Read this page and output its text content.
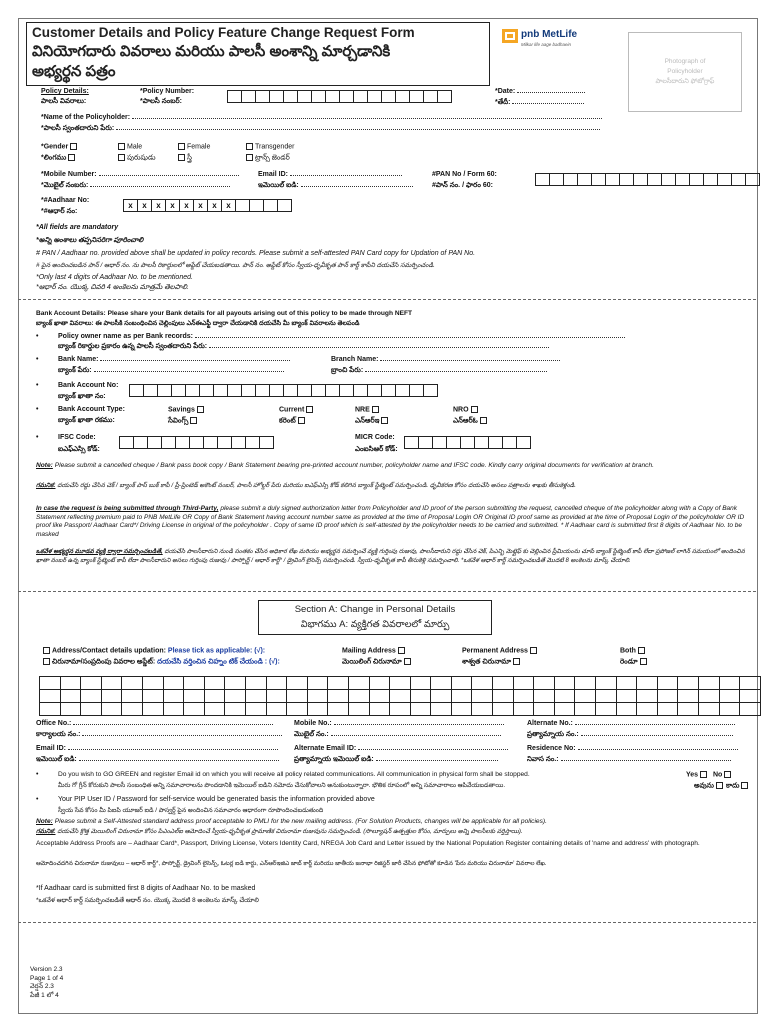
Customer Details and Policy Feature Change Request Form
వినియోగదారు వివరాలు మరియు పాలసీ అంశాన్ని మార్చడానికి
అభ్యర్థన పత్రం
pnb MetLife
Milkar life aage badhaein
Photograph of
Policyholder
పాలసీదారుని ఫోటోగ్రాఫ్
Policy Details:
పాలసీ వివరాలు:
*Policy Number:
*పాలసీ నంబర్:
*Date:
*తేదీ:
*Name of the Policyholder:
*పాలసీ స్వంతదారుని పేరు:
*Gender
*లింగము
Male
పురుషుడు
Female
స్త్రీ
Transgender
ట్రాన్స్ జెండర్
*Mobile Number:
*మొబైల్ నంబరు:
Email ID:
ఇమెయిల్ ఐడి:
#PAN No / Form 60:
#పాన్ నం. / ఫారం 60:
*#Aadhaar No:
*#ఆధార్ నం:
x	x	x	x	x	x	x	x
*All fields are mandatory
*అన్ని అంశాలు తప్పనిసరిగా పూరించాలి
# PAN / Aadhaar no. provided above shall be updated in policy records. Please submit a self-attested PAN Card copy for Updation of PAN No.
# పైన అందించబడిన పాన్ / ఆధార్ నం. ను పాలసీ రికార్డులలో అప్డేట్ చేయబడతాయి. పాన్ నం. అప్డేట్ కోసం స్వీయ-ధృవీకృత పాన్ కార్డ్ కాపీని దయచేసి సమర్పించండి.
*Only last 4 digits of Aadhaar No. to be mentioned.
*ఆధార్ నం. యొక్క చివరి 4 అంకెలను మాత్రమే తెలపాలి.
Bank Account Details: Please share your Bank details for all payouts arising out of this policy to be made through NEFT
బ్యాంక్ ఖాతా వివరాలు: ఈ పాలసీకి సంబంధించిన చెల్లింపులు ఎన్ఈఎఫ్టీ ద్వారా చేయడానికి దయచేసి మీ బ్యాంక్ వివరాలను తెలపండి
•	Policy owner name as per Bank records:
బ్యాంక్ రికార్డుల ప్రకారం ఉన్న పాలసీ స్వంతదారుని పేరు:
•	Bank Name:
బ్యాంక్ పేరు:
Branch Name:
బ్రాంచి పేరు:
•	Bank Account No:
బ్యాంక్ ఖాతా నం:
•	Bank Account Type:
బ్యాంక్ ఖాతా రకము:
Savings
సేవింగ్స్
Current
కరెంట్
NRE
ఎన్ఆర్ఇ
NRO
ఎన్ఆర్ఓ
•	IFSC Code:
ఐఎఫ్ఎస్సి కోడ్:
MICR Code:
ఎంఐసిఆర్ కోడ్:
Note: Please submit a cancelled cheque / Bank pass book copy / Bank Statement bearing pre-printed account number, policyholder name and IFSC code. Kindly carry original documents for verification at branch.
గమనిక: దయచేసి రద్దు చేసిన చెక్ / బ్యాంక్ పాస్ బుక్ కాపీ / ప్రీ-ప్రింటెడ్ అకౌంట్ నంబర్, పాలసీ హోల్డర్ పేరు మరియు ఐఎఫ్ఎస్సి కోడ్ కలిగిన బ్యాంక్ స్టేట్మెంట్ సమర్పించండి. ధృవీకరణ కోసం దయచేసి అసలు పత్రాలను శాఖకు తీసుకెళ్లండి.
In case the request is being submitted through Third-Party, please submit a duly signed authorization letter from Policyholder and ID proof of the person submitting the request, cancelled cheque of the policyholder along with a Copy of Bank Statement reflecting premium paid to PNB MetLife OR Copy of Bank Statement having account number same as provided at the time of Proposal Login OR Original ID proof same as provided at the time of Proposal Login of the policyholder OR ID proof like Passport/ Aadhaar Card*/ Driving License in original of the policyholder . Copy of same ID proof which is self-attested by the policyholder needs to be carried and submitted. * If Aadhaar card is submitted first 8 digits of Aadhaar No. to be masked
ఒకవేళ అభ్యర్థన మూడవ వ్యక్తి ద్వారా సమర్పించబడితే, దయచేసి పాలసీదారుని నుండి సంతకం చేసిన అధికార లేఖ మరియు అభ్యర్థన సమర్పించే వ్యక్తి గుర్తింపు రుజువు, పాలసీదారుని రద్దు చేసిన చెక్, పిఎన్బి మెట్లైఫ్ కు చెల్లించిన ప్రీమియంను చూపే బ్యాంక్ స్టేట్మెంట్ కాపీ లేదా ప్రపోజల్ లాగిన్ సమయంలో అందించిన ఖాతా నంబర్ ఉన్న బ్యాంక్ స్టేట్మెంట్ కాపీ లేదా పాలసీదారుని అసలు గుర్తింపు రుజువు / పాస్పోర్ట్ / ఆధార్ కార్డ్* / డ్రైవింగ్ లైసెన్స్ సమర్పించండి. స్వీయ-ధృవీకృత కాపీ తీసుకెళ్లి సమర్పించాలి. *ఒకవేళ ఆధార్ కార్డ్ సమర్పించబడితే మొదటి 8 అంకెలను మాస్క్ చేయాలి.
Section A: Change in Personal Details
విభాగము A: వ్యక్తిగత వివరాలలో మార్పు
Address/Contact details updation: Please tick as applicable: (√):
చిరునామా/సంప్రదింపు వివరాల అప్డేట్: దయచేసి వర్తించిన చిహ్నం టిక్ చేయండి : (√):
Mailing Address
మెయిలింగ్ చిరునామా
Permanent Address
శాశ్వత చిరునామా
Both
రెండూ
Office No.:
కార్యాలయ నం.:
Mobile No.:
మొబైల్ నం.:
Alternate No.:
ప్రత్యామ్నాయ నం.:
Email ID:
ఇమెయిల్ ఐడి:
Alternate Email ID:
ప్రత్యామ్నాయ ఇమెయిల్ ఐడి:
Residence No:
నివాస నం.:
•	Do you wish to GO GREEN and register Email id on which you will receive all policy related communications. All communication in physical form shall be stopped.	Yes	No
మీరు గో గ్రీన్ కోరుకుని పాలసీ సంబంధిత అన్ని సమాచారాలను పొందడానికి ఇమెయిల్ ఐడిని నమోదు చేసుకోవాలని అనుకుంటున్నారా. భౌతిక రూపంలో అన్ని సమాచారాలు ఆపివేయబడతాయి.	అవును	కాదు
•	Your PIP User ID / Password for self-service would be generated basis the information provided above
స్వీయ సేవ కోసం మీ పిఐపి యూజర్ ఐడి / పాస్వర్డ్ పైన అందించిన సమాచారం ఆధారంగా రూపొందించబడుతుంది
Note: Please submit a Self-Attested standard address proof acceptable to PMLI for the new mailing address. (For Solution Products, changes will be applicable for all policies).
గమనిక: దయచేసి క్రొత్త మెయిలింగ్ చిరునామా కోసం పిఎంఎల్ఐ ఆమోదించే స్వీయ-ధృవీకృత ప్రామాణిక చిరునామా రుజువును సమర్పించండి. (సొల్యూషన్ ఉత్పత్తుల కోసం, మార్పులు అన్ని పాలసీలకు వర్తిస్తాయి).
Acceptable Address Proofs are – Aadhaar Card*, Passport, Driving License, Voters Identity Card, NREGA Job Card and Letter issued by the National Population Register containing details of 'name and address' with photograph.
ఆమోదించదగిన చిరునామా రుజువులు – ఆధార్ కార్డ్*, పాస్పోర్ట్, డ్రైవింగ్ లైసెన్స్, ఓటర్ల ఐడి కార్డు, ఎన్ఆర్ఇజిఎ జాబ్ కార్డ్ మరియు జాతీయ జనాభా రిజిస్టర్ జారీ చేసిన ఫోటోతో కూడిన 'పేరు మరియు చిరునామా' వివరాల లేఖ.
*If Aadhaar card is submitted first 8 digits of Aadhaar No. to be masked
*ఒకవేళ ఆధార్ కార్డ్ సమర్పించబడితే ఆధార్ నం. యొక్క మొదటి 8 అంకెలను మాస్క్ చేయాలి
Version 2.3
Page 1 of 4
వెర్షన్ 2.3
పేజీ 1 లో 4
